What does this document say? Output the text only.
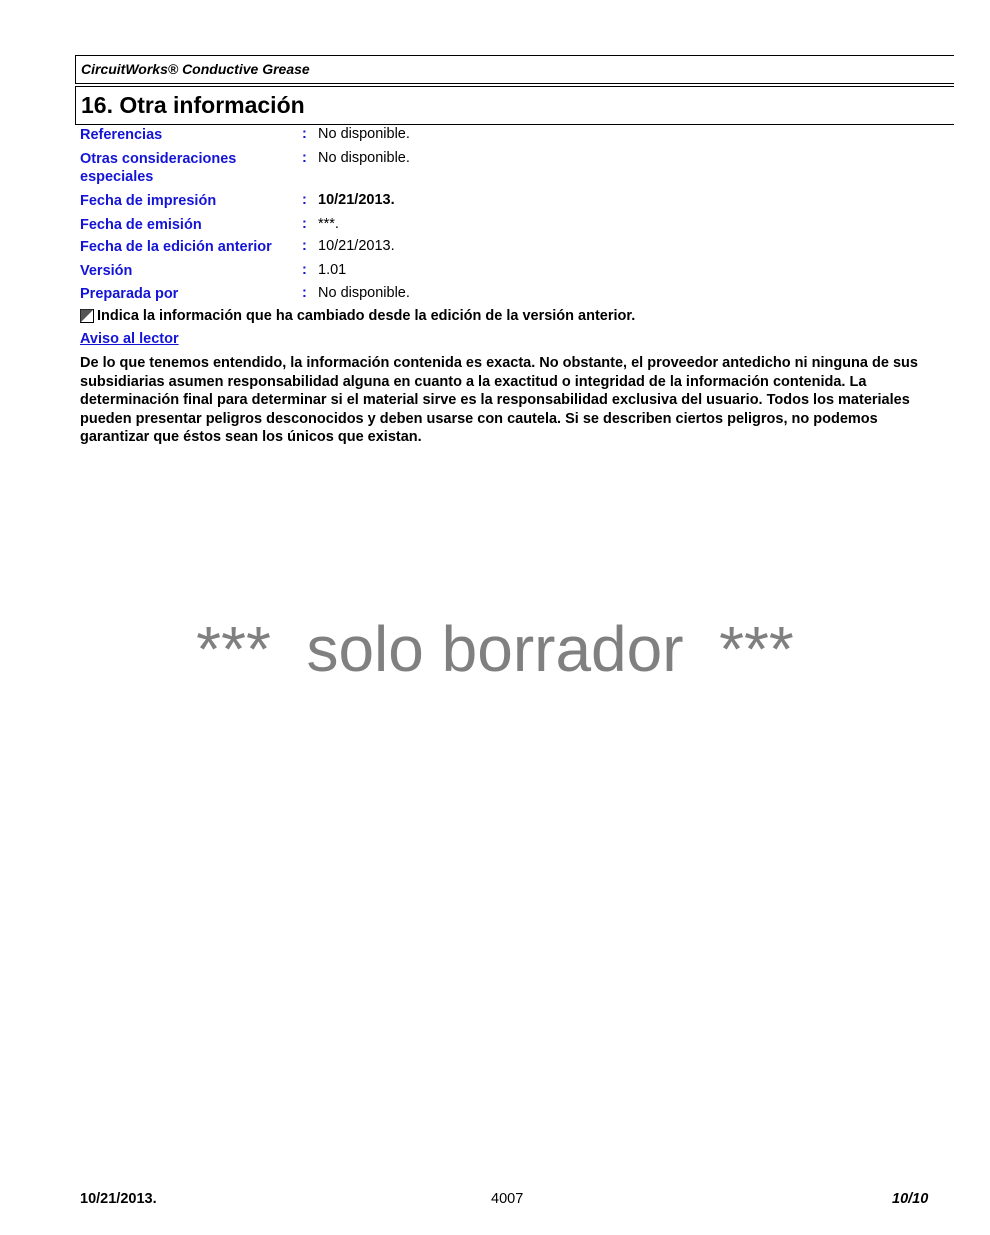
CircuitWorks® Conductive Grease
16. Otra información
Referencias	: No disponible.
Otras consideraciones especiales
: No disponible.
Fecha de impresión	: 10/21/2013.
Fecha de emisión	: ***.
Fecha de la edición anterior	: 10/21/2013.
Versión	: 1.01
Preparada por	: No disponible.
Indica la información que ha cambiado desde la edición de la versión anterior.
Aviso al lector
De lo que tenemos entendido, la información contenida es exacta. No obstante, el proveedor antedicho ni ninguna de sus subsidiarias asumen responsabilidad alguna en cuanto a la exactitud o integridad de la información contenida. La determinación final para determinar si el material sirve es la responsabilidad exclusiva del usuario. Todos los materiales pueden presentar peligros desconocidos y deben usarse con cautela. Si se describen ciertos peligros, no podemos garantizar que éstos sean los únicos que existan.
***  solo borrador  ***
10/21/2013.	4007	10/10
